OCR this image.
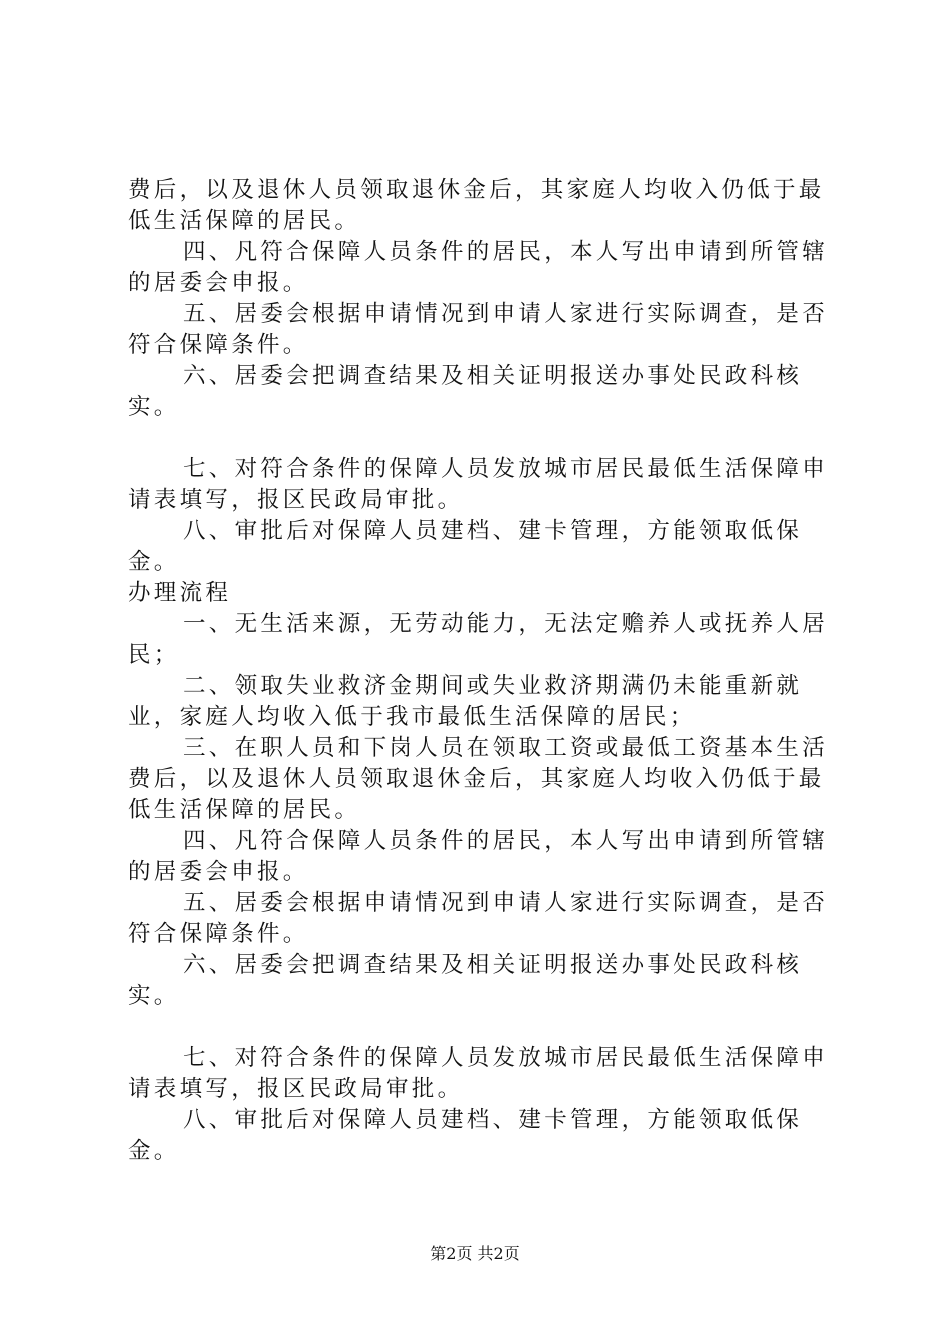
费后，以及退休人员领取退休金后，其家庭人均收入仍低于最低生活保障的居民。

四、凡符合保障人员条件的居民，本人写出申请到所管辖的居委会申报。

五、居委会根据申请情况到申请人家进行实际调查，是否符合保障条件。

六、居委会把调查结果及相关证明报送办事处民政科核实。

七、对符合条件的保障人员发放城市居民最低生活保障申请表填写，报区民政局审批。

八、审批后对保障人员建档、建卡管理，方能领取低保金。

办理流程

一、无生活来源，无劳动能力，无法定赡养人或抚养人居民；

二、领取失业救济金期间或失业救济期满仍未能重新就业，家庭人均收入低于我市最低生活保障的居民；

三、在职人员和下岗人员在领取工资或最低工资基本生活费后，以及退休人员领取退休金后，其家庭人均收入仍低于最低生活保障的居民。

四、凡符合保障人员条件的居民，本人写出申请到所管辖的居委会申报。

五、居委会根据申请情况到申请人家进行实际调查，是否符合保障条件。

六、居委会把调查结果及相关证明报送办事处民政科核实。

七、对符合条件的保障人员发放城市居民最低生活保障申请表填写，报区民政局审批。

八、审批后对保障人员建档、建卡管理，方能领取低保金。

第2页 共2页
